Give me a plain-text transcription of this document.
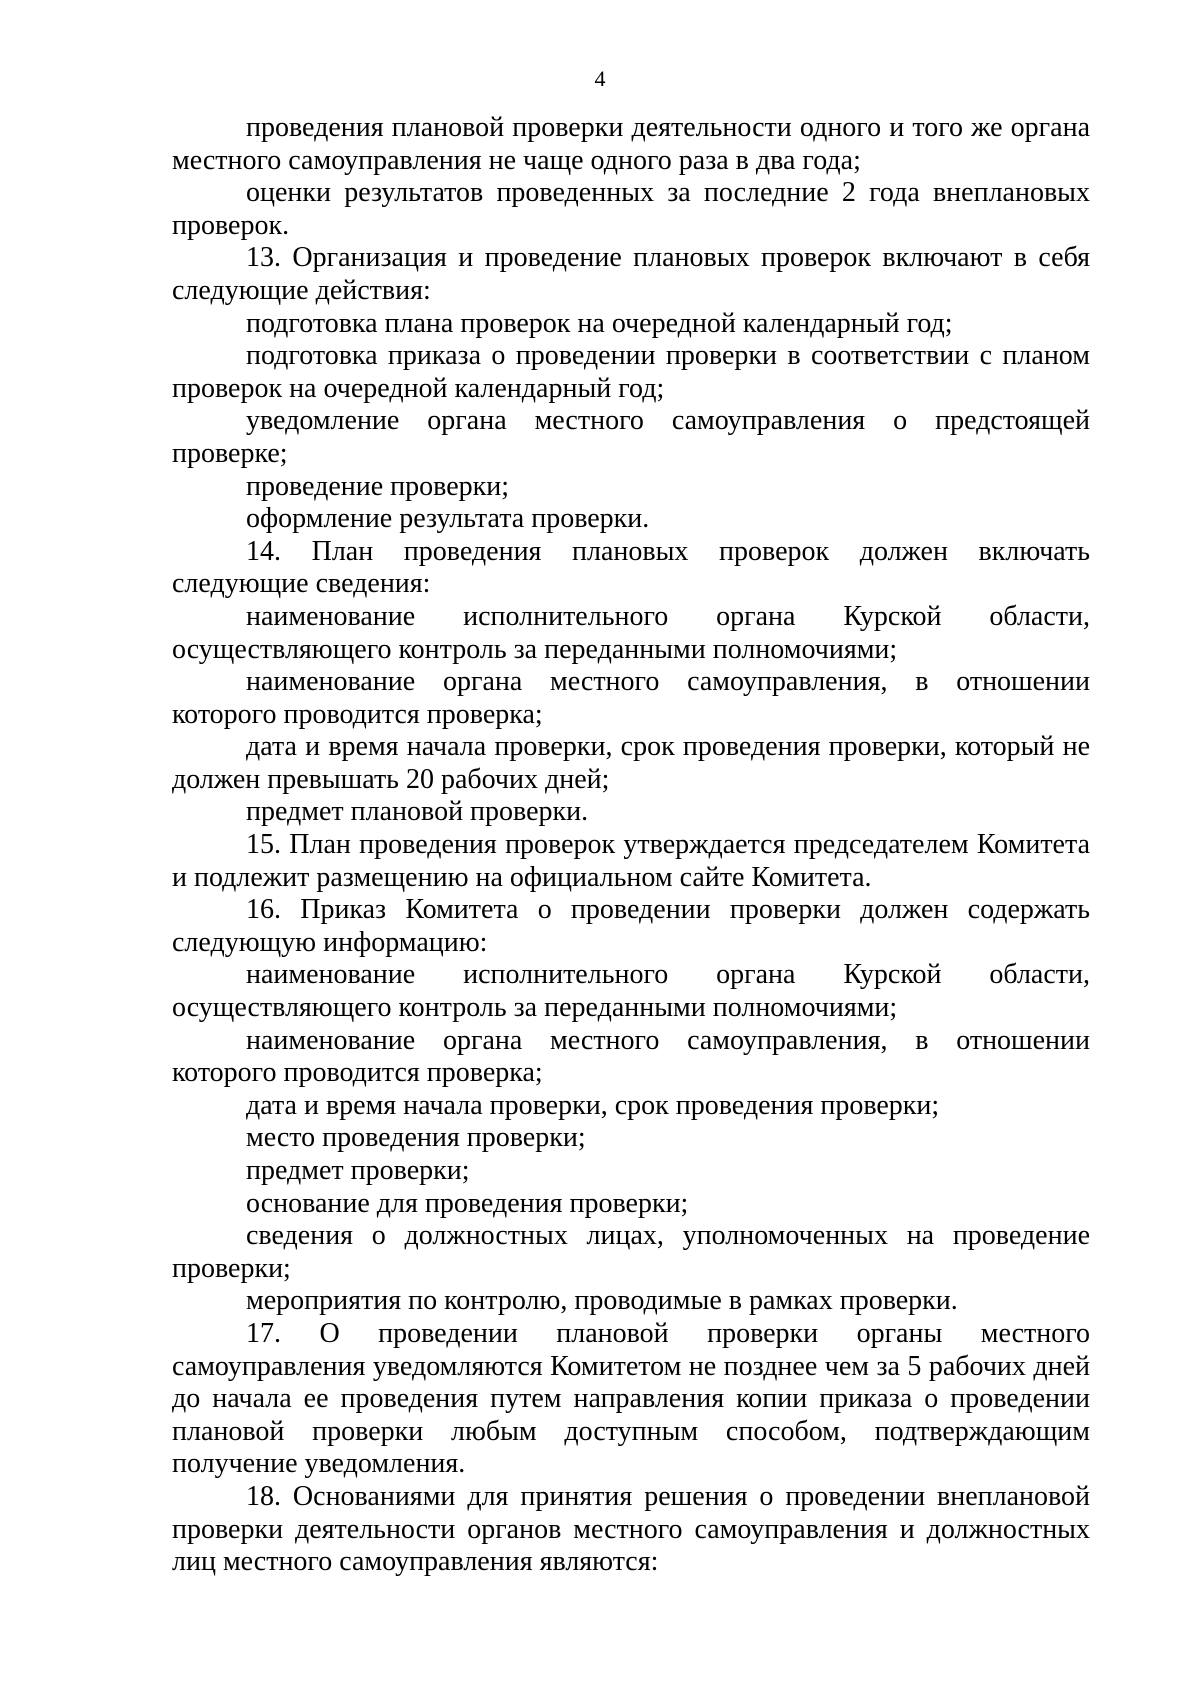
4

проведения плановой проверки деятельности одного и того же органа местного самоуправления не чаще одного раза в два года;

оценки результатов проведенных за последние 2 года внеплановых проверок.

13. Организация и проведение плановых проверок включают в себя следующие действия:

подготовка плана проверок на очередной календарный год;

подготовка приказа о проведении проверки в соответствии с планом проверок на очередной календарный год;

уведомление органа местного самоуправления о предстоящей проверке;

проведение проверки;

оформление результата проверки.

14. План проведения плановых проверок должен включать следующие сведения:

наименование исполнительного органа Курской области, осуществляющего контроль за переданными полномочиями;

наименование органа местного самоуправления, в отношении которого проводится проверка;

дата и время начала проверки, срок проведения проверки, который не должен превышать 20 рабочих дней;

предмет плановой проверки.

15. План проведения проверок утверждается председателем Комитета и подлежит размещению на официальном сайте Комитета.

16. Приказ Комитета о проведении проверки должен содержать следующую информацию:

наименование исполнительного органа Курской области, осуществляющего контроль за переданными полномочиями;

наименование органа местного самоуправления, в отношении которого проводится проверка;

дата и время начала проверки, срок проведения проверки;

место проведения проверки;

предмет проверки;

основание для проведения проверки;

сведения о должностных лицах, уполномоченных на проведение проверки;

мероприятия по контролю, проводимые в рамках проверки.

17. О проведении плановой проверки органы местного самоуправления уведомляются Комитетом не позднее чем за 5 рабочих дней до начала ее проведения путем направления копии приказа о проведении плановой проверки любым доступным способом, подтверждающим получение уведомления.

18. Основаниями для принятия решения о проведении внеплановой проверки деятельности органов местного самоуправления и должностных лиц местного самоуправления являются:
